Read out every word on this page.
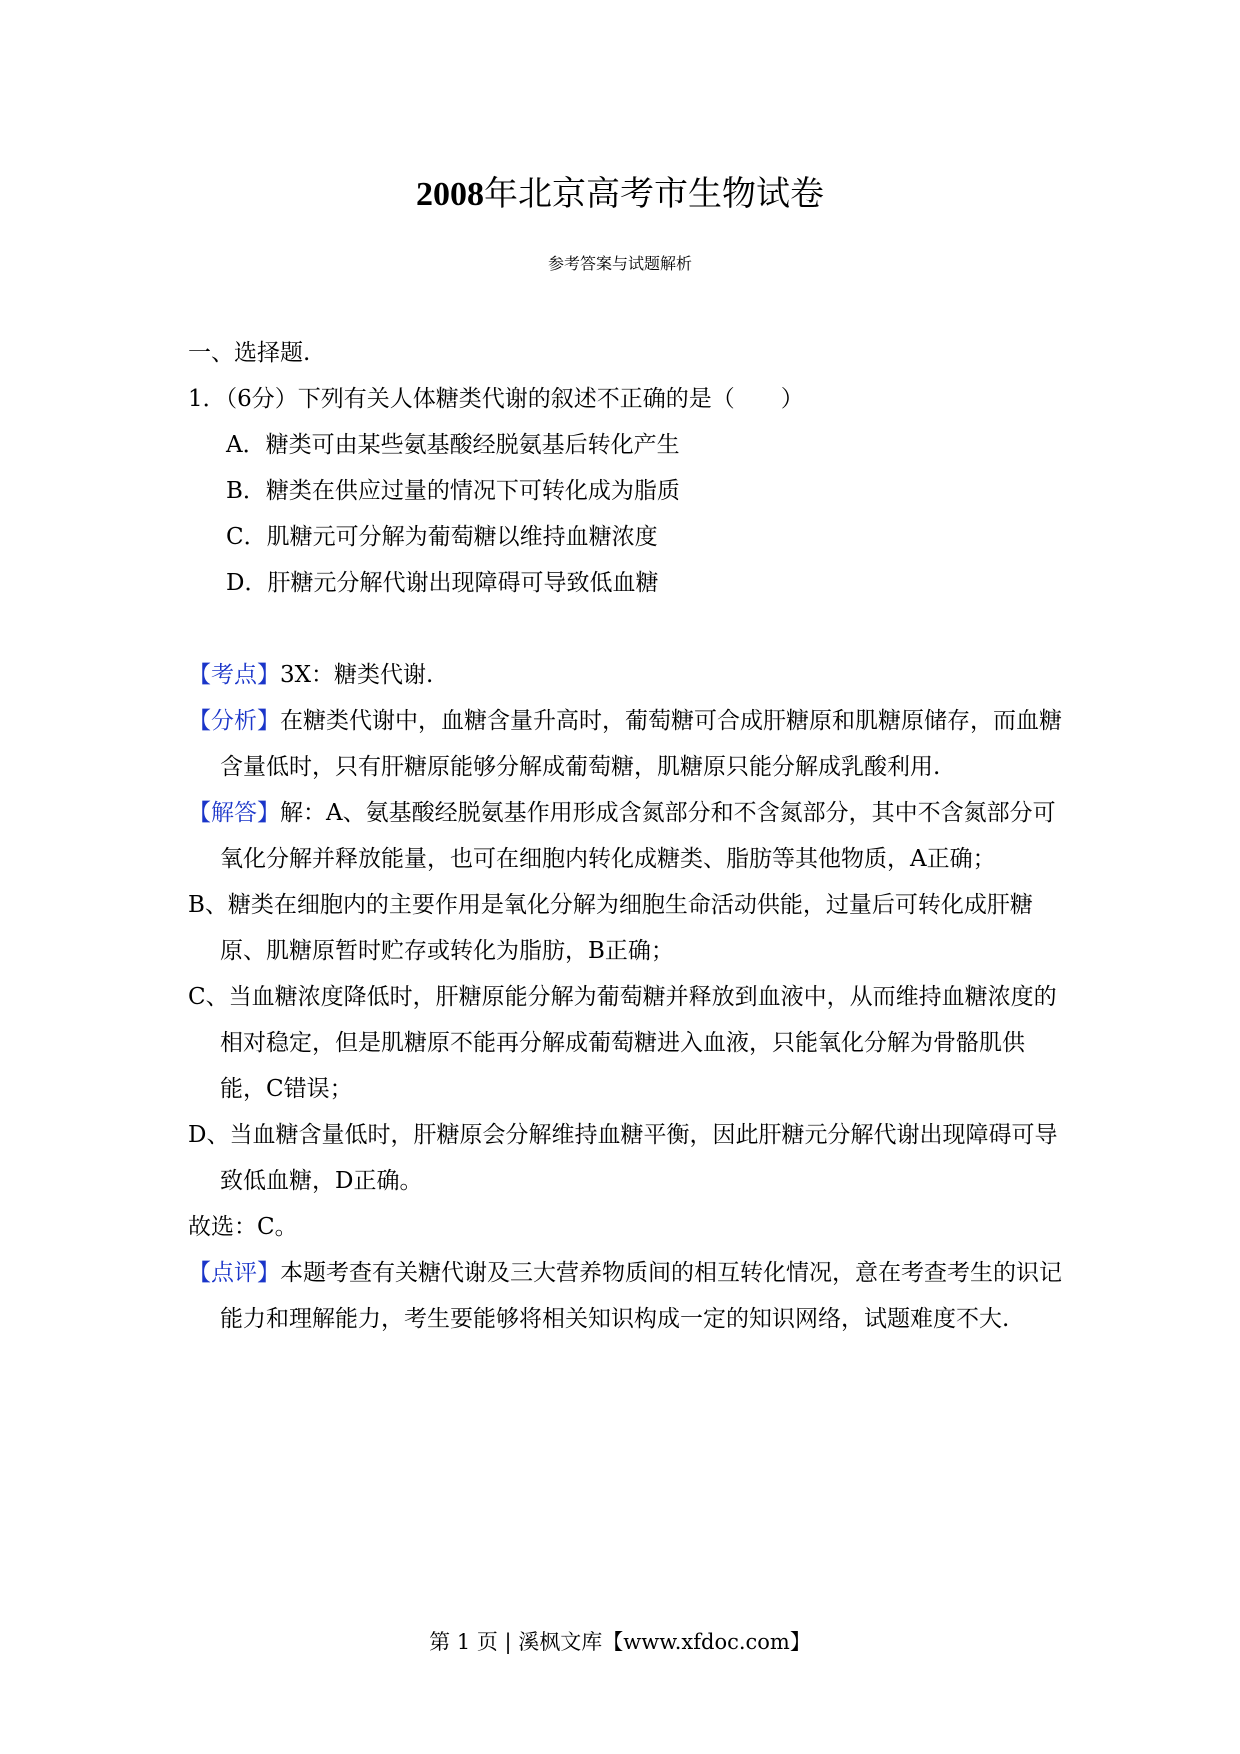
2008年北京高考市生物试卷
参考答案与试题解析

一、选择题.

1．（6分）下列有关人体糖类代谢的叙述不正确的是（　　）

A．糖类可由某些氨基酸经脱氨基后转化产生

B．糖类在供应过量的情况下可转化成为脂质

C．肌糖元可分解为葡萄糖以维持血糖浓度

D．肝糖元分解代谢出现障碍可导致低血糖

【考点】3X：糖类代谢.

【分析】在糖类代谢中，血糖含量升高时，葡萄糖可合成肝糖原和肌糖原储存，而血糖含量低时，只有肝糖原能够分解成葡萄糖，肌糖原只能分解成乳酸利用.

【解答】解：A、氨基酸经脱氨基作用形成含氮部分和不含氮部分，其中不含氮部分可氧化分解并释放能量，也可在细胞内转化成糖类、脂肪等其他物质，A正确；

B、糖类在细胞内的主要作用是氧化分解为细胞生命活动供能，过量后可转化成肝糖原、肌糖原暂时贮存或转化为脂肪，B正确；

C、当血糖浓度降低时，肝糖原能分解为葡萄糖并释放到血液中，从而维持血糖浓度的相对稳定，但是肌糖原不能再分解成葡萄糖进入血液，只能氧化分解为骨骼肌供能，C错误；

D、当血糖含量低时，肝糖原会分解维持血糖平衡，因此肝糖元分解代谢出现障碍可导致低血糖，D正确。

故选：C。

【点评】本题考查有关糖代谢及三大营养物质间的相互转化情况，意在考查考生的识记能力和理解能力，考生要能够将相关知识构成一定的知识网络，试题难度不大.

第 1 页 | 溪枫文库【www.xfdoc.com】
